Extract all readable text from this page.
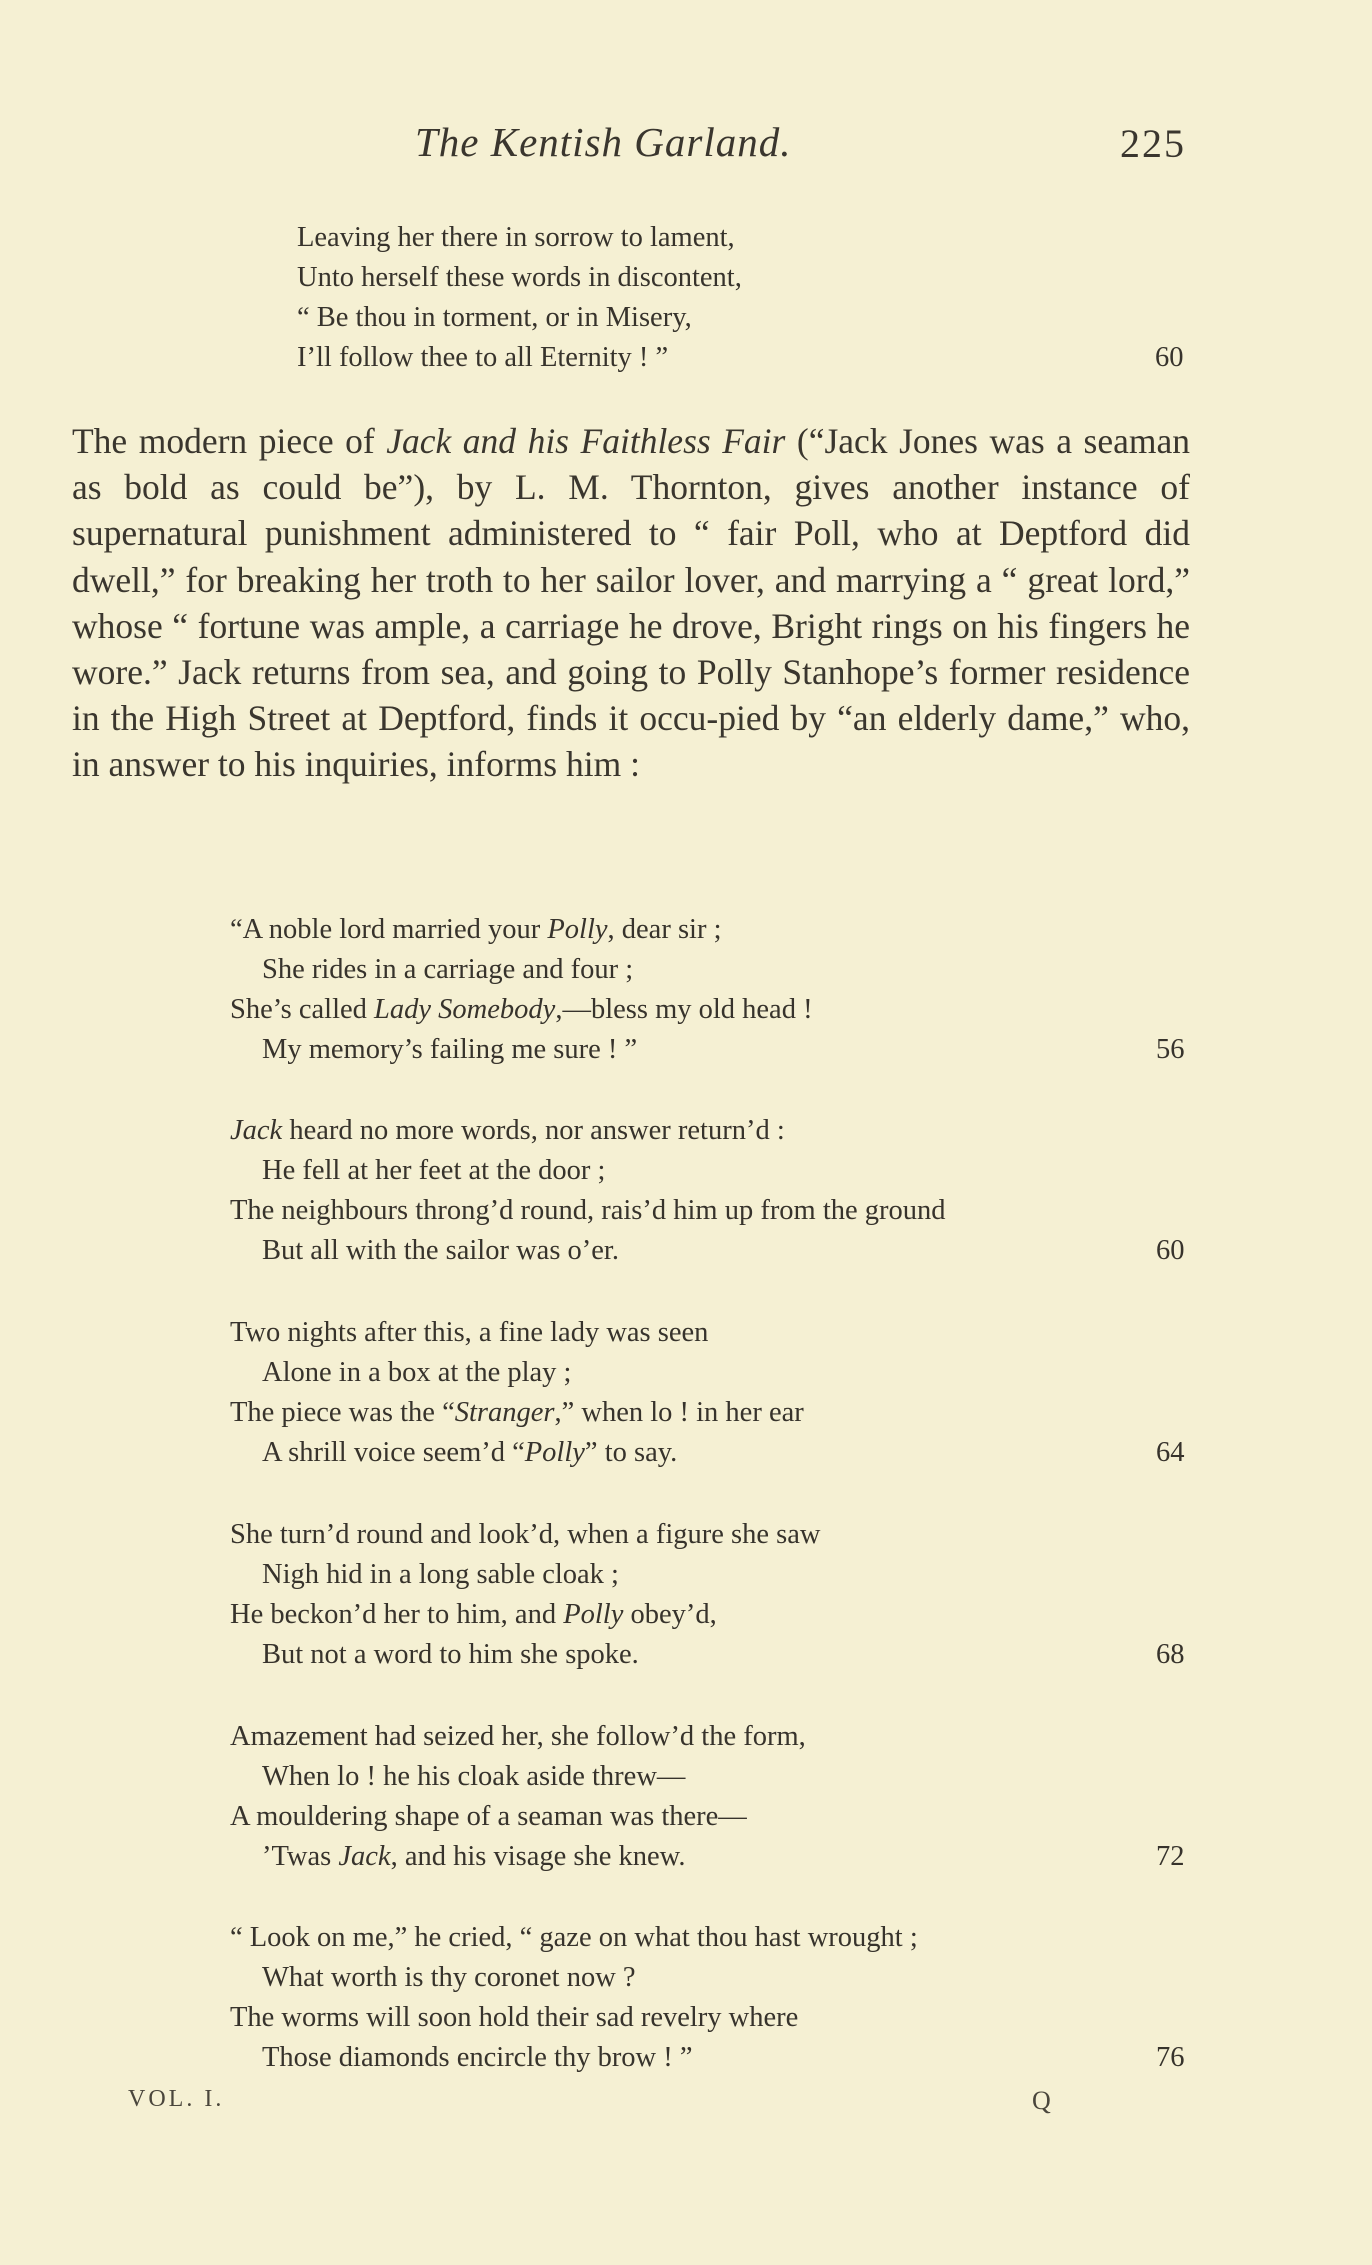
The Kentish Garland.	225
Leaving her there in sorrow to lament,
Unto herself these words in discontent,
“ Be thou in torment, or in Misery,
I’ll follow thee to all Eternity ! ”	60

The modern piece of Jack and his Faithless Fair (“Jack Jones was a seaman as bold as could be”), by L. M. Thornton, gives another instance of supernatural punishment administered to “ fair Poll, who at Deptford did dwell,” for breaking her troth to her sailor lover, and marrying a “ great lord,” whose “ fortune was ample, a carriage he drove, Bright rings on his fingers he wore.” Jack returns from sea, and going to Polly Stanhope’s former residence in the High Street at Deptford, finds it occu-pied by “an elderly dame,” who, in answer to his inquiries, informs him :

“A noble lord married your Polly, dear sir ;
She rides in a carriage and four ;
She’s called Lady Somebody,—bless my old head !
My memory’s failing me sure ! ”	56
Jack heard no more words, nor answer return’d :
He fell at her feet at the door ;
The neighbours throng’d round, rais’d him up from the ground
But all with the sailor was o’er.	60
Two nights after this, a fine lady was seen
Alone in a box at the play ;
The piece was the “Stranger,” when lo ! in her ear
A shrill voice seem’d “Polly” to say.	64
She turn’d round and look’d, when a figure she saw
Nigh hid in a long sable cloak ;
He beckon’d her to him, and Polly obey’d,
But not a word to him she spoke.	68
Amazement had seized her, she follow’d the form,
When lo ! he his cloak aside threw—
A mouldering shape of a seaman was there—
’Twas Jack, and his visage she knew.	72
“ Look on me,” he cried, “ gaze on what thou hast wrought ;
What worth is thy coronet now ?
The worms will soon hold their sad revelry where
Those diamonds encircle thy brow ! ”	76
VOL. I.	Q
